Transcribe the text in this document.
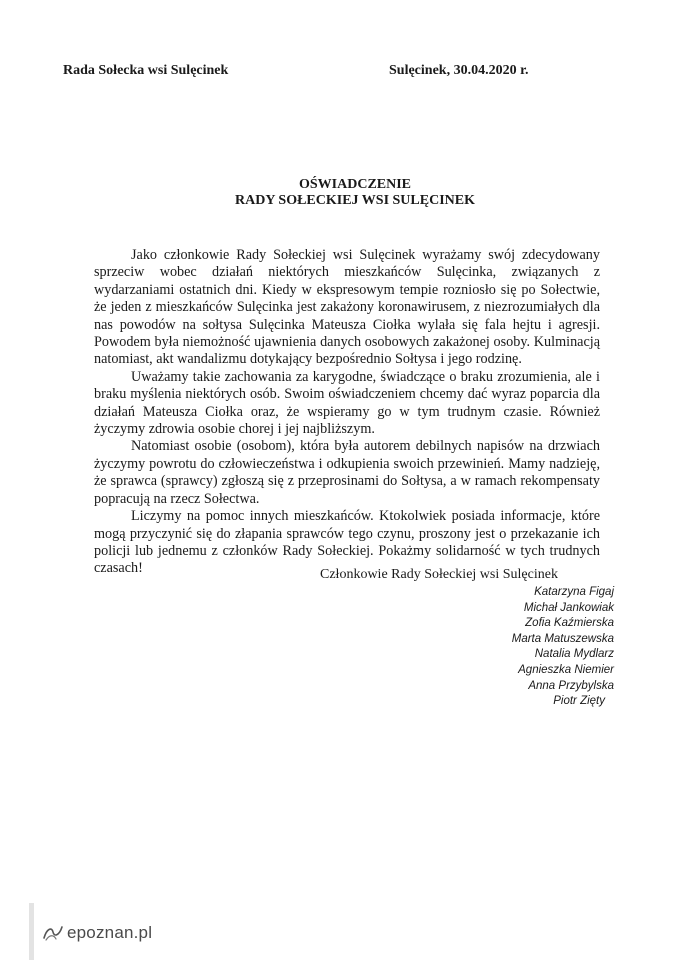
Rada Sołecka wsi Sulęcinek	Sulęcinek, 30.04.2020 r.
OŚWIADCZENIE
RADY SOŁECKIEJ WSI SULĘCINEK

Jako członkowie Rady Sołeckiej wsi Sulęcinek wyrażamy swój zdecydowany sprzeciw wobec działań niektórych mieszkańców Sulęcinka, związanych z wydarzaniami ostatnich dni. Kiedy w ekspresowym tempie rozniosło się po Sołectwie, że jeden z mieszkańców Sulęcinka jest zakażony koronawirusem, z niezrozumiałych dla nas powodów na sołtysa Sulęcinka Mateusza Ciołka wylała się fala hejtu i agresji. Powodem była niemożność ujawnienia danych osobowych zakażonej osoby. Kulminacją natomiast, akt wandalizmu dotykający bezpośrednio Sołtysa i jego rodzinę.

Uważamy takie zachowania za karygodne, świadczące o braku zrozumienia, ale i braku myślenia niektórych osób. Swoim oświadczeniem chcemy dać wyraz poparcia dla działań Mateusza Ciołka oraz, że wspieramy go w tym trudnym czasie. Również życzymy zdrowia osobie chorej i jej najbliższym.

Natomiast osobie (osobom), która była autorem debilnych napisów na drzwiach życzymy powrotu do człowieczeństwa i odkupienia swoich przewinień. Mamy nadzieję, że sprawca (sprawcy) zgłoszą się z przeprosinami do Sołtysa, a w ramach rekompensaty popracują na rzecz Sołectwa.

Liczymy na pomoc innych mieszkańców. Ktokolwiek posiada informacje, które mogą przyczynić się do złapania sprawców tego czynu, proszony jest o przekazanie ich policji lub jednemu z członków Rady Sołeckiej. Pokażmy solidarność w tych trudnych czasach!	Członkowie Rady Sołeckiej wsi Sulęcinek
Katarzyna Figaj
Michał Jankowiak
Zofia Kaźmierska
Marta Matuszewska
Natalia Mydlarz
Agnieszka Niemier
Anna Przybylska
Piotr Zięty
epoznan.pl
